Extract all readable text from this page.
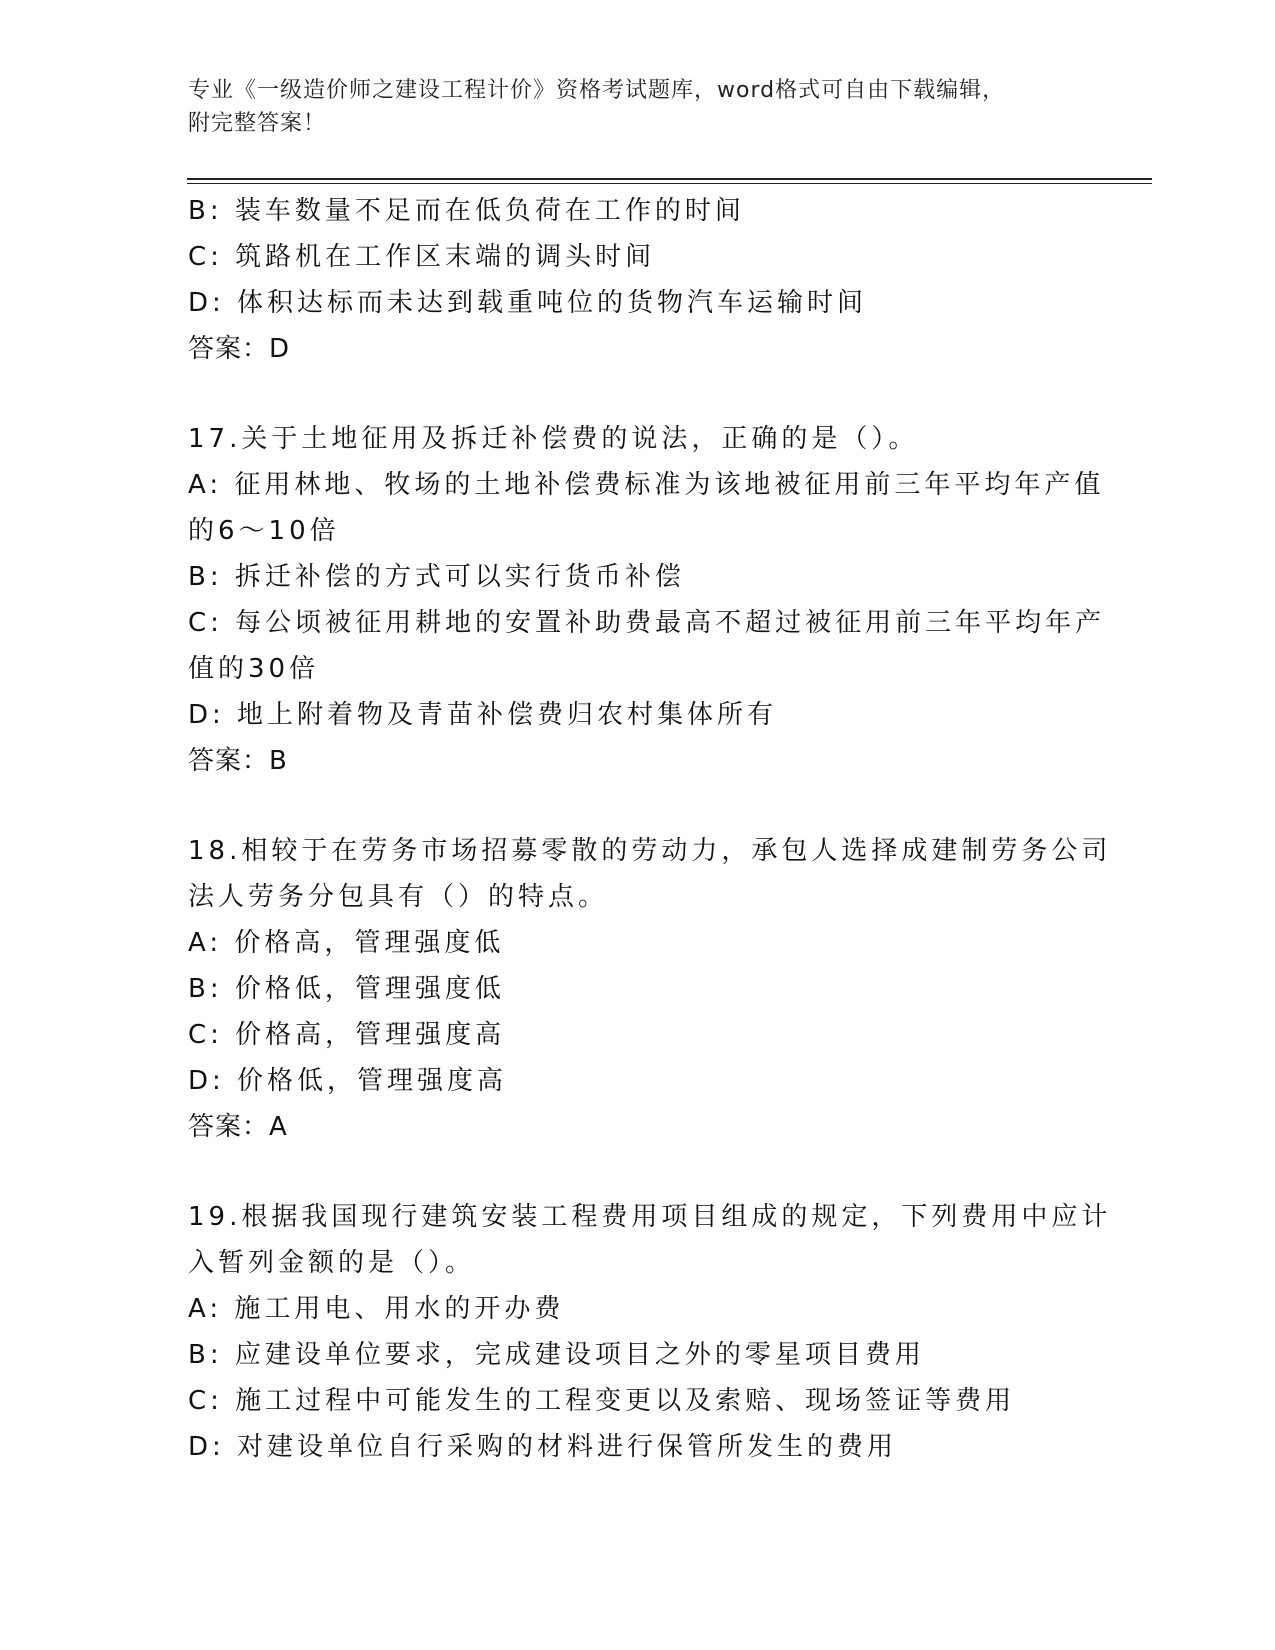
专业《一级造价师之建设工程计价》资格考试题库，word格式可自由下载编辑，
附完整答案！
B: 装车数量不足而在低负荷在工作的时间
C: 筑路机在工作区末端的调头时间
D: 体积达标而未达到载重吨位的货物汽车运输时间
答案：D
17.关于土地征用及拆迁补偿费的说法，正确的是（）。
A: 征用林地、牧场的土地补偿费标准为该地被征用前三年平均年产值
的6～10倍
B: 拆迁补偿的方式可以实行货币补偿
C: 每公顷被征用耕地的安置补助费最高不超过被征用前三年平均年产
值的30倍
D: 地上附着物及青苗补偿费归农村集体所有
答案：B
18.相较于在劳务市场招募零散的劳动力，承包人选择成建制劳务公司
法人劳务分包具有（）的特点。
A: 价格高，管理强度低
B: 价格低，管理强度低
C: 价格高，管理强度高
D: 价格低，管理强度高
答案：A
19.根据我国现行建筑安装工程费用项目组成的规定，下列费用中应计
入暂列金额的是（）。
A: 施工用电、用水的开办费
B: 应建设单位要求，完成建设项目之外的零星项目费用
C: 施工过程中可能发生的工程变更以及索赔、现场签证等费用
D: 对建设单位自行采购的材料进行保管所发生的费用
